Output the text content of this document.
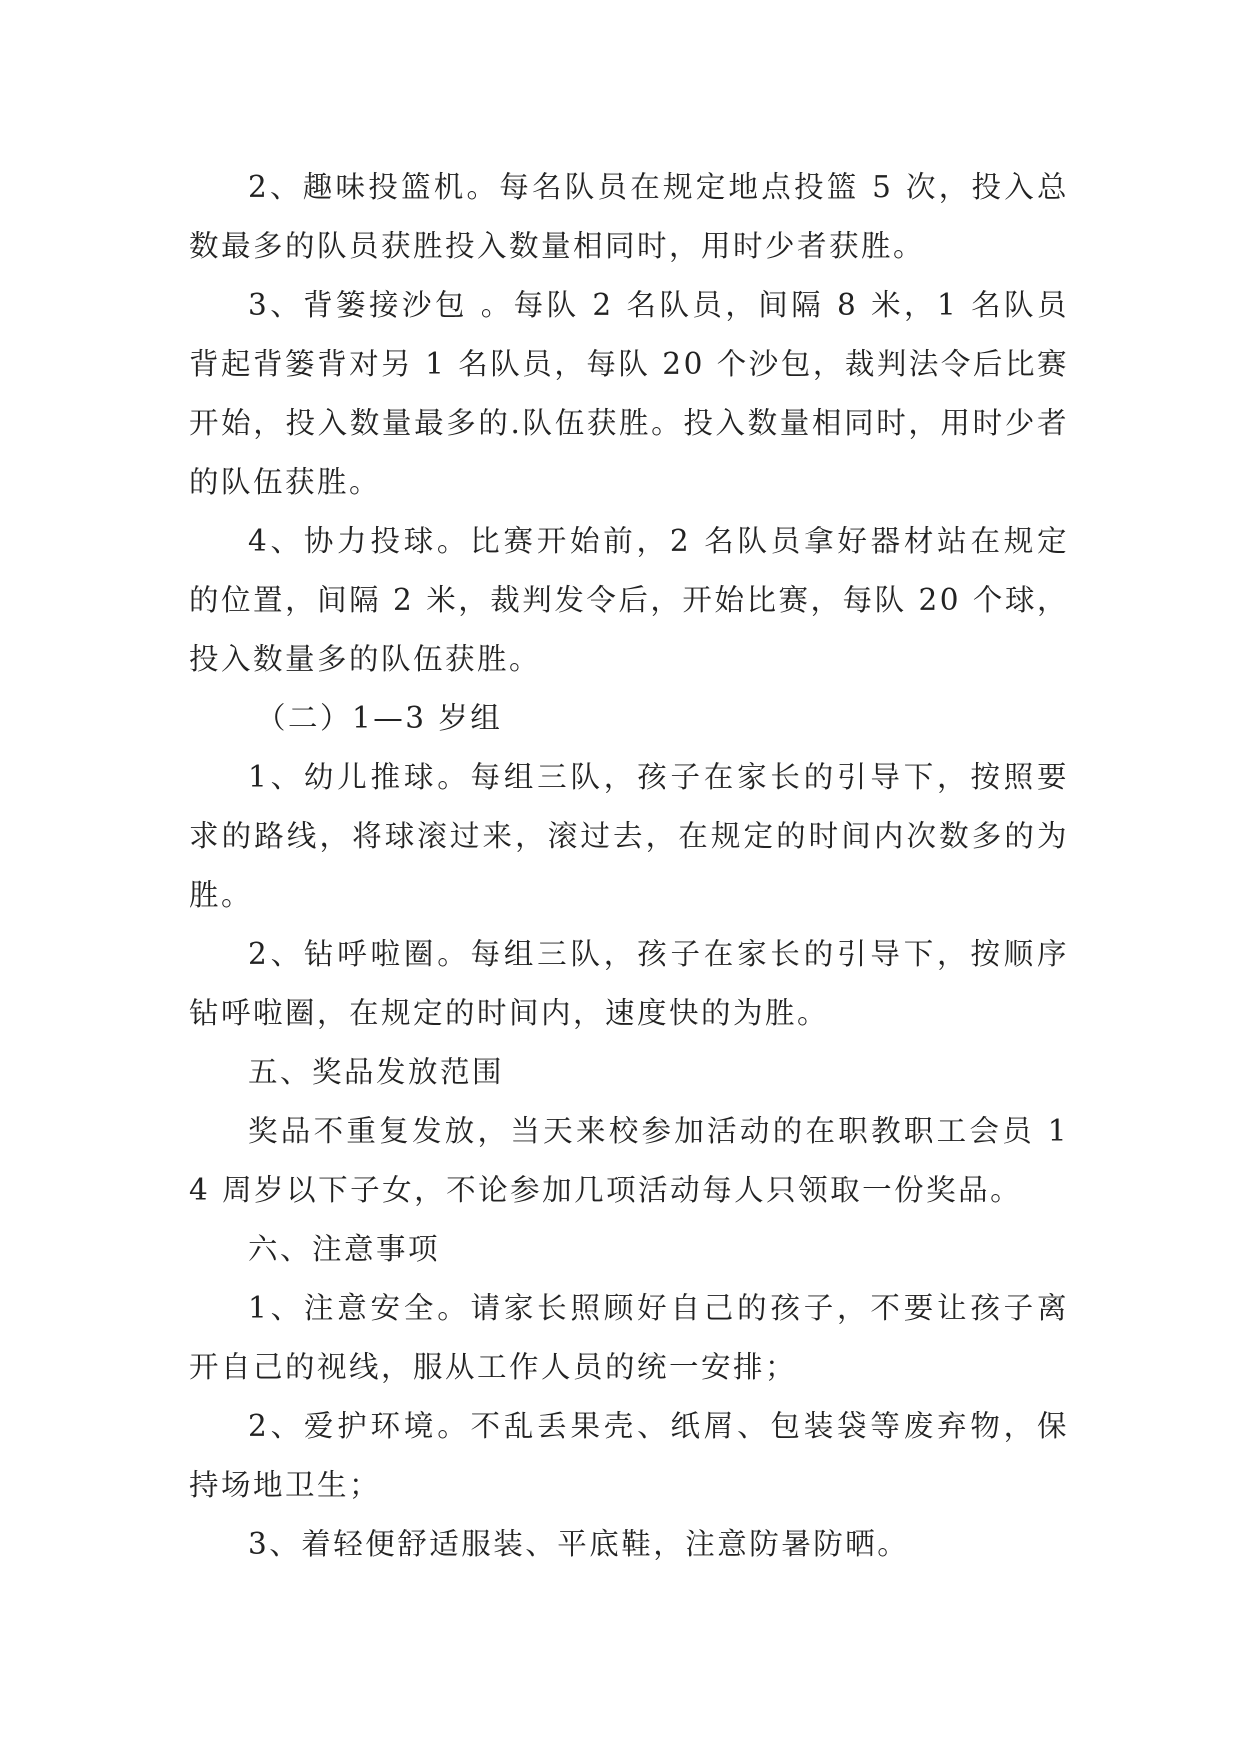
2、趣味投篮机。每名队员在规定地点投篮 5 次，投入总数最多的队员获胜投入数量相同时，用时少者获胜。

3、背篓接沙包 。每队 2 名队员，间隔 8 米，1 名队员背起背篓背对另 1 名队员，每队 20 个沙包，裁判法令后比赛开始，投入数量最多的.队伍获胜。投入数量相同时，用时少者的队伍获胜。

4、协力投球。比赛开始前，2 名队员拿好器材站在规定的位置，间隔 2 米，裁判发令后，开始比赛，每队 20 个球，投入数量多的队伍获胜。

（二）1—3 岁组

1、幼儿推球。每组三队，孩子在家长的引导下，按照要求的路线，将球滚过来，滚过去，在规定的时间内次数多的为胜。

2、钻呼啦圈。每组三队，孩子在家长的引导下，按顺序钻呼啦圈，在规定的时间内，速度快的为胜。

五、奖品发放范围

奖品不重复发放，当天来校参加活动的在职教职工会员 14 周岁以下子女，不论参加几项活动每人只领取一份奖品。

六、注意事项

1、注意安全。请家长照顾好自己的孩子，不要让孩子离开自己的视线，服从工作人员的统一安排；

2、爱护环境。不乱丢果壳、纸屑、包装袋等废弃物，保持场地卫生；

3、着轻便舒适服装、平底鞋，注意防暑防晒。
